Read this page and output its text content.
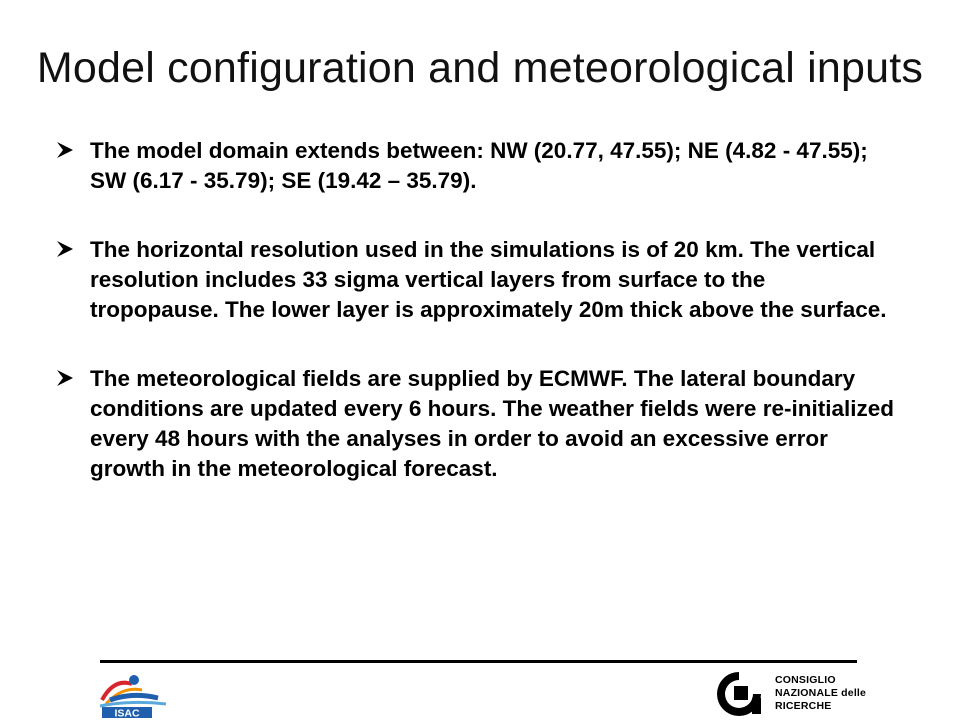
Model configuration and meteorological inputs
The model domain extends between: NW (20.77, 47.55); NE (4.82 - 47.55); SW (6.17 - 35.79); SE (19.42 – 35.79).
The horizontal resolution used in the simulations is of 20 km. The vertical resolution includes 33 sigma vertical layers from surface to the tropopause. The lower layer is approximately 20m thick above the surface.
The meteorological fields are supplied by ECMWF. The lateral boundary conditions are updated every 6 hours. The weather fields were re-initialized every 48 hours with the analyses in order to avoid an excessive error growth in the meteorological forecast.
ISAC
CONSIGLIO
NAZIONALE delle
RICERCHE
